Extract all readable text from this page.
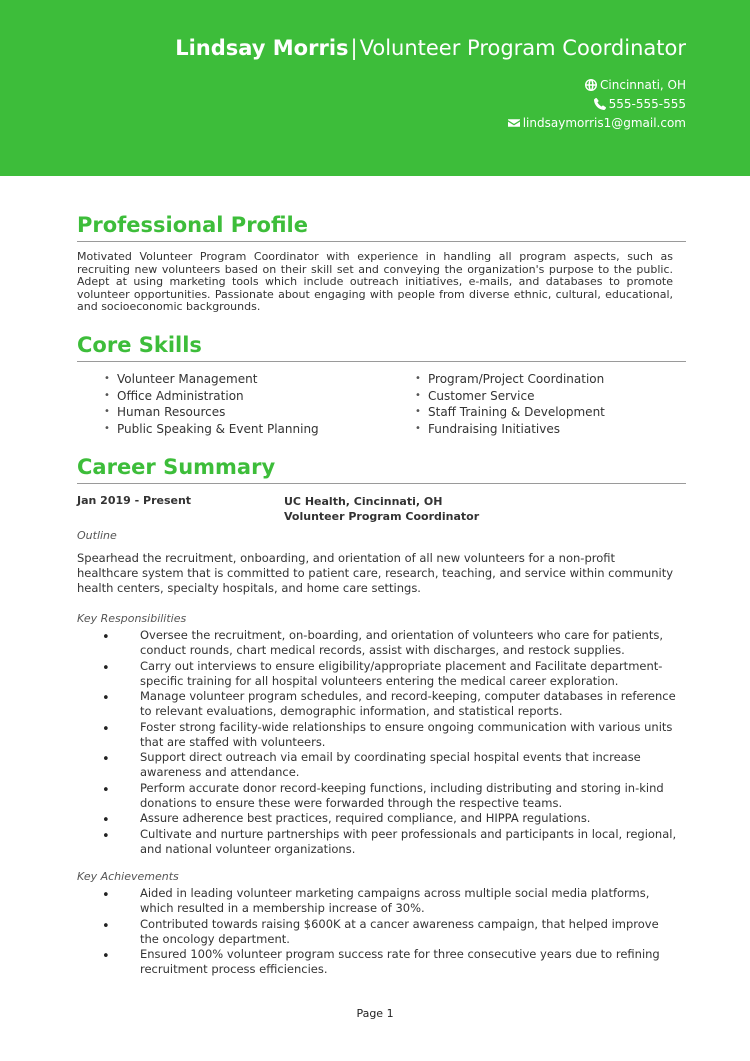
Lindsay Morris|Volunteer Program Coordinator
Cincinnati, OH
555-555-555
lindsaymorris1@gmail.com
Professional Profile
Motivated Volunteer Program Coordinator with experience in handling all program aspects, such as recruiting new volunteers based on their skill set and conveying the organization's purpose to the public. Adept at using marketing tools which include outreach initiatives, e-mails, and databases to promote volunteer opportunities. Passionate about engaging with people from diverse ethnic, cultural, educational, and socioeconomic backgrounds.
Core Skills
• Volunteer Management
• Office Administration
• Human Resources
• Public Speaking & Event Planning
• Program/Project Coordination
• Customer Service
• Staff Training & Development
• Fundraising Initiatives
Career Summary
Jan 2019 - Present	UC Health, Cincinnati, OH
Volunteer Program Coordinator
Outline
Spearhead the recruitment, onboarding, and orientation of all new volunteers for a non-profit healthcare system that is committed to patient care, research, teaching, and service within community health centers, specialty hospitals, and home care settings.
Key Responsibilities
• Oversee the recruitment, on-boarding, and orientation of volunteers who care for patients, conduct rounds, chart medical records, assist with discharges, and restock supplies.
• Carry out interviews to ensure eligibility/appropriate placement and Facilitate department-specific training for all hospital volunteers entering the medical career exploration.
• Manage volunteer program schedules, and record-keeping, computer databases in reference to relevant evaluations, demographic information, and statistical reports.
• Foster strong facility-wide relationships to ensure ongoing communication with various units that are staffed with volunteers.
• Support direct outreach via email by coordinating special hospital events that increase awareness and attendance.
• Perform accurate donor record-keeping functions, including distributing and storing in-kind donations to ensure these were forwarded through the respective teams.
• Assure adherence best practices, required compliance, and HIPPA regulations.
• Cultivate and nurture partnerships with peer professionals and participants in local, regional, and national volunteer organizations.
Key Achievements
• Aided in leading volunteer marketing campaigns across multiple social media platforms, which resulted in a membership increase of 30%.
• Contributed towards raising $600K at a cancer awareness campaign, that helped improve the oncology department.
• Ensured 100% volunteer program success rate for three consecutive years due to refining recruitment process efficiencies.
Page 1
